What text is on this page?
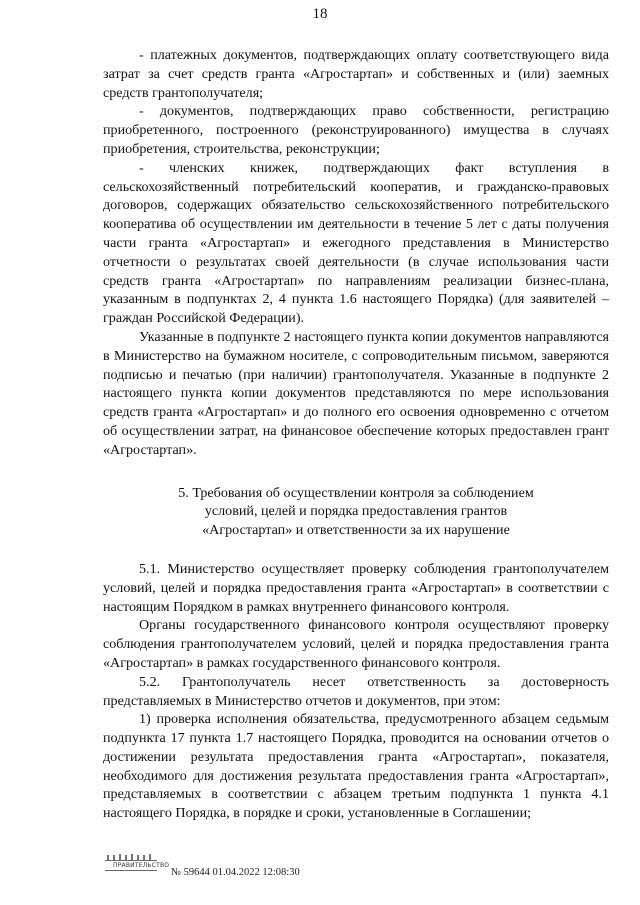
18

- платежных документов, подтверждающих оплату соответствующего вида затрат за счет средств гранта «Агростартап» и собственных и (или) заемных средств грантополучателя;

- документов, подтверждающих право собственности, регистрацию приобретенного, построенного (реконструированного) имущества в случаях приобретения, строительства, реконструкции;

- членских книжек, подтверждающих факт вступления в сельскохозяйственный потребительский кооператив, и гражданско-правовых договоров, содержащих обязательство сельскохозяйственного потребительского кооператива об осуществлении им деятельности в течение 5 лет с даты получения части гранта «Агростартап» и ежегодного представления в Министерство отчетности о результатах своей деятельности (в случае использования части средств гранта «Агростартап» по направлениям реализации бизнес-плана, указанным в подпунктах 2, 4 пункта 1.6 настоящего Порядка) (для заявителей – граждан Российской Федерации).

Указанные в подпункте 2 настоящего пункта копии документов направляются в Министерство на бумажном носителе, с сопроводительным письмом, заверяются подписью и печатью (при наличии) грантополучателя. Указанные в подпункте 2 настоящего пункта копии документов представляются по мере использования средств гранта «Агростартап» и до полного его освоения одновременно с отчетом об осуществлении затрат, на финансовое обеспечение которых предоставлен грант «Агростартап».

5. Требования об осуществлении контроля за соблюдением
условий, целей и порядка предоставления грантов
«Агростартап» и ответственности за их нарушение

5.1. Министерство осуществляет проверку соблюдения грантополучателем условий, целей и порядка предоставления гранта «Агростартап» в соответствии с настоящим Порядком в рамках внутреннего финансового контроля.

Органы государственного финансового контроля осуществляют проверку соблюдения грантополучателем условий, целей и порядка предоставления гранта «Агростартап» в рамках государственного финансового контроля.

5.2. Грантополучатель несет ответственность за достоверность представляемых в Министерство отчетов и документов, при этом:

1) проверка исполнения обязательства, предусмотренного абзацем седьмым подпункта 17 пункта 1.7 настоящего Порядка, проводится на основании отчетов о достижении результата предоставления гранта «Агростартап», показателя, необходимого для достижения результата предоставления гранта «Агростартап», представляемых в соответствии с абзацем третьим подпункта 1 пункта 4.1 настоящего Порядка, в порядке и сроки, установленные в Соглашении;

ПРАВИТЕЛЬСТВО
№ 59644 01.04.2022 12:08:30
